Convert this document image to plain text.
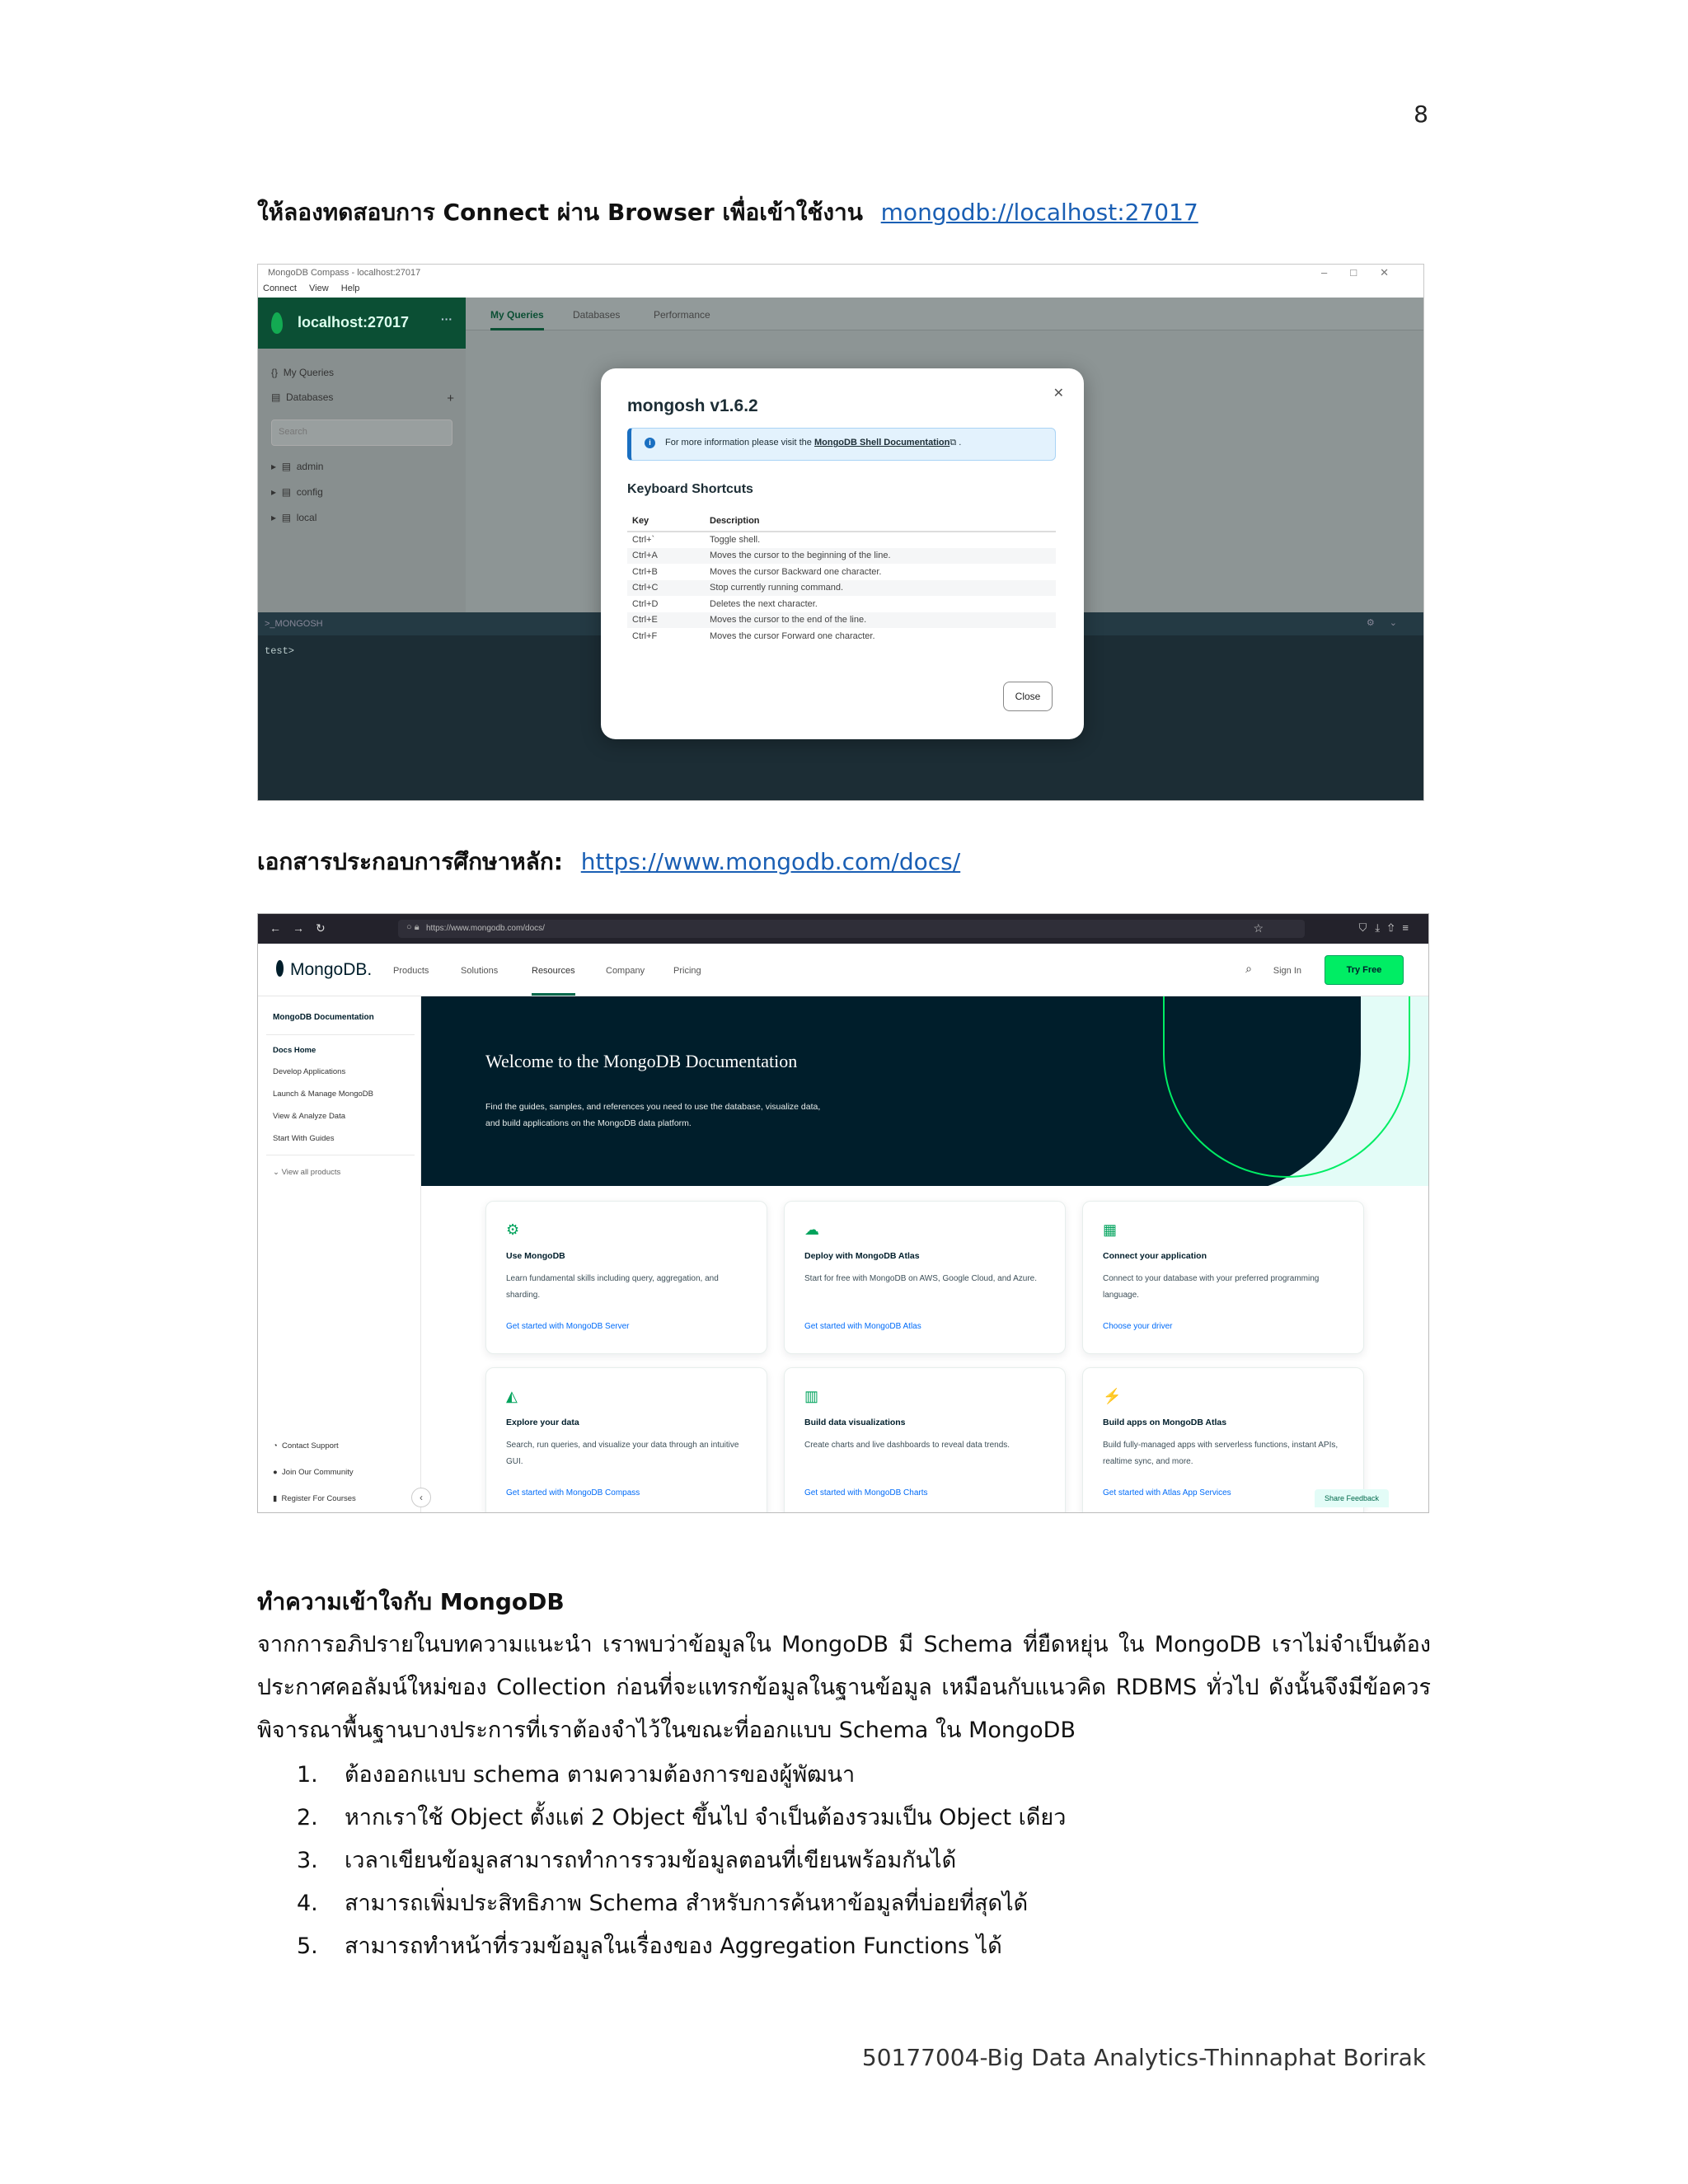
8
ให้ลองทดสอบการ Connect ผ่าน Browser เพื่อเข้าใช้งาน mongodb://localhost:27017
MongoDB Compass - localhost:27017	–□✕
Connect View Help
localhost:27017	···
{} My Queries
▤ Databases	+
Search
▸ ▤ admin
▸ ▤ config
▸ ▤ local
My Queries	Databases	Performance
>_MONGOSH	⚙⌄
test>
✕
mongosh v1.6.2
i For more information please visit the MongoDB Shell Documentation⧉ .
Keyboard Shortcuts
Key	Description
Ctrl+`	Toggle shell.
Ctrl+A	Moves the cursor to the beginning of the line.
Ctrl+B	Moves the cursor Backward one character.
Ctrl+C	Stop currently running command.
Ctrl+D	Deletes the next character.
Ctrl+E	Moves the cursor to the end of the line.
Ctrl+F	Moves the cursor Forward one character.
Close
เอกสารประกอบการศึกษาหลัก: https://www.mongodb.com/docs/
←→↻	https://www.mongodb.com/docs/
○ 🔒︎	☆	⛉⤓⇧≡
MongoDB. Products	Solutions	Resources	Company	Pricing	⌕ Sign In	Try Free
MongoDB Documentation
Docs Home
Develop Applications
Launch & Manage MongoDB
View & Analyze Data
Start With Guides
⌄ View all products
◔ Contact Support
● Join Our Community
▮ Register For Courses	‹
Welcome to the MongoDB Documentation
Find the guides, samples, and references you need to use the database, visualize data,
and build applications on the MongoDB data platform.
⚙
Use MongoDB
Learn fundamental skills including query, aggregation, and sharding.
Get started with MongoDB Server
☁
Deploy with MongoDB Atlas
Start for free with MongoDB on AWS, Google Cloud, and Azure.
Get started with MongoDB Atlas
▦
Connect your application
Connect to your database with your preferred programming language.
Choose your driver
◭
Explore your data
Search, run queries, and visualize your data through an intuitive GUI.
Get started with MongoDB Compass
▥
Build data visualizations
Create charts and live dashboards to reveal data trends.
Get started with MongoDB Charts
⚡
Build apps on MongoDB Atlas
Build fully-managed apps with serverless functions, instant APIs, realtime sync, and more.
Get started with Atlas App Services
Share Feedback
ทำความเข้าใจกับ MongoDB
จากการอภิปรายในบทความแนะนำ เราพบว่าข้อมูลใน MongoDB มี Schema ที่ยืดหยุ่น ใน MongoDB เราไม่จำเป็นต้องประกาศคอลัมน์ใหม่ของ Collection ก่อนที่จะแทรกข้อมูลในฐานข้อมูล เหมือนกับแนวคิด RDBMS ทั่วไป ดังนั้นจึงมีข้อควรพิจารณาพื้นฐานบางประการที่เราต้องจำไว้ในขณะที่ออกแบบ Schema ใน MongoDB
1.	ต้องออกแบบ schema ตามความต้องการของผู้พัฒนา
2.	หากเราใช้ Object ตั้งแต่ 2 Object ขึ้นไป จำเป็นต้องรวมเป็น Object เดียว
3.	เวลาเขียนข้อมูลสามารถทำการรวมข้อมูลตอนที่เขียนพร้อมกันได้
4.	สามารถเพิ่มประสิทธิภาพ Schema สำหรับการค้นหาข้อมูลที่บ่อยที่สุดได้
5.	สามารถทำหน้าที่รวมข้อมูลในเรื่องของ Aggregation Functions ได้
50177004-Big Data Analytics-Thinnaphat Borirak
